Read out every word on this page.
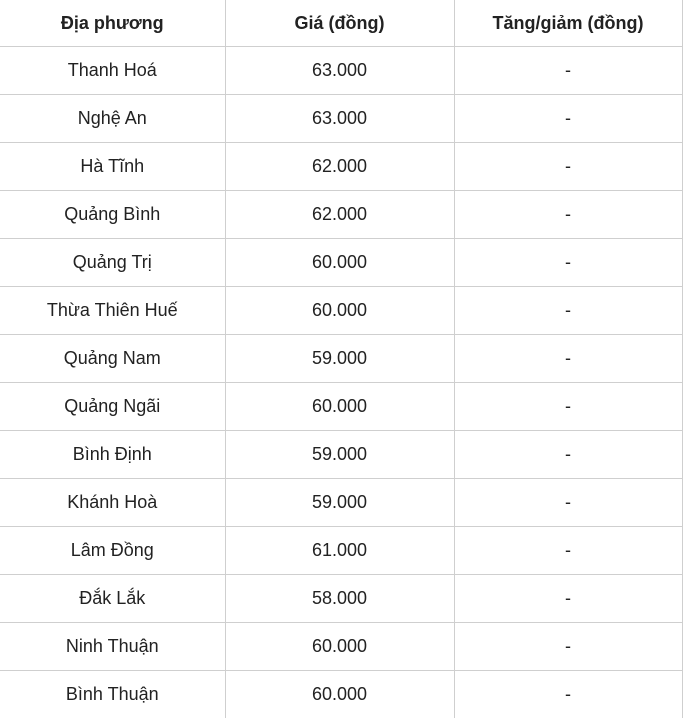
Địa phương	Giá (đồng)	Tăng/giảm (đồng)
Thanh Hoá	63.000	-
Nghệ An	63.000	-
Hà Tĩnh	62.000	-
Quảng Bình	62.000	-
Quảng Trị	60.000	-
Thừa Thiên Huế	60.000	-
Quảng Nam	59.000	-
Quảng Ngãi	60.000	-
Bình Định	59.000	-
Khánh Hoà	59.000	-
Lâm Đồng	61.000	-
Đắk Lắk	58.000	-
Ninh Thuận	60.000	-
Bình Thuận	60.000	-
